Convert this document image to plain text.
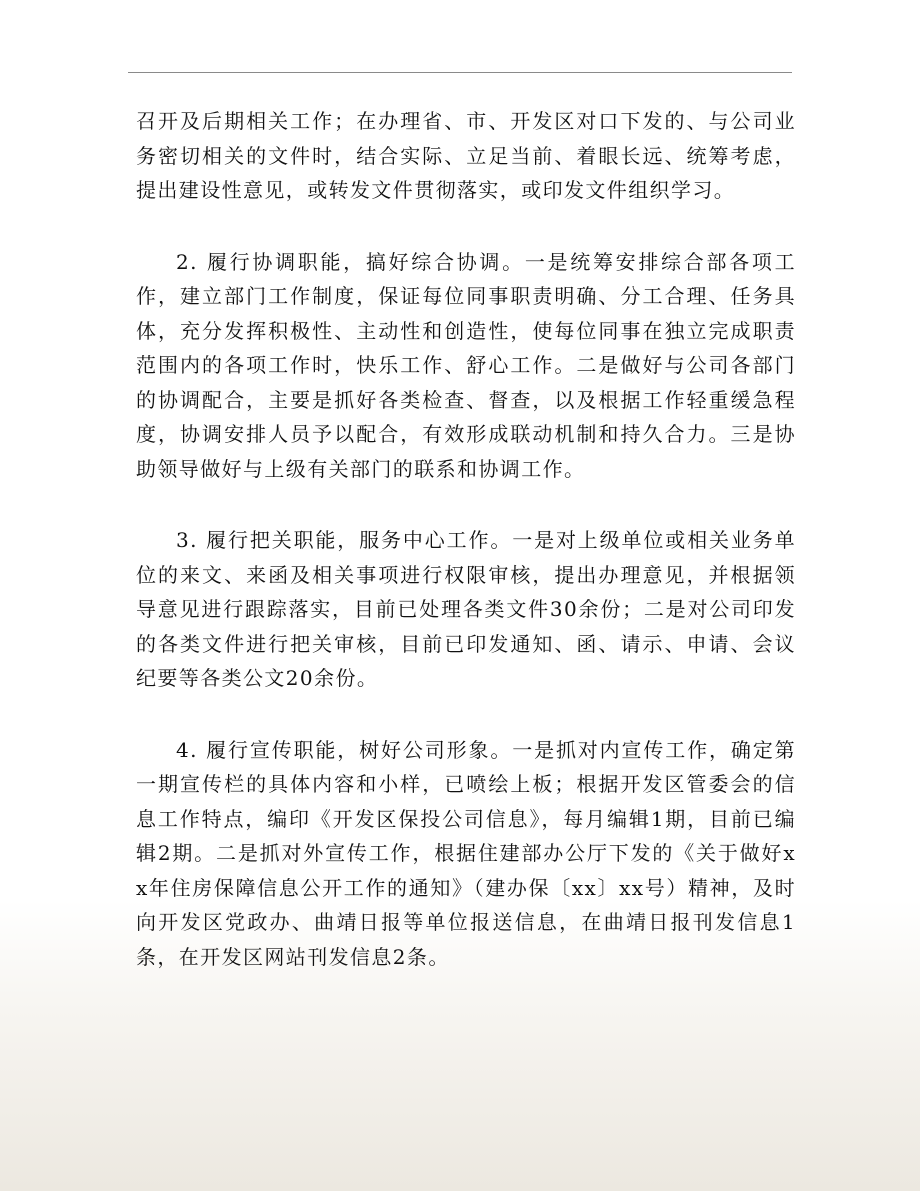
召开及后期相关工作；在办理省、市、开发区对口下发的、与公司业务密切相关的文件时，结合实际、立足当前、着眼长远、统筹考虑，提出建设性意见，或转发文件贯彻落实，或印发文件组织学习。

2. 履行协调职能，搞好综合协调。一是统筹安排综合部各项工作，建立部门工作制度，保证每位同事职责明确、分工合理、任务具体，充分发挥积极性、主动性和创造性，使每位同事在独立完成职责范围内的各项工作时，快乐工作、舒心工作。二是做好与公司各部门的协调配合，主要是抓好各类检查、督查，以及根据工作轻重缓急程度，协调安排人员予以配合，有效形成联动机制和持久合力。三是协助领导做好与上级有关部门的联系和协调工作。

3. 履行把关职能，服务中心工作。一是对上级单位或相关业务单位的来文、来函及相关事项进行权限审核，提出办理意见，并根据领导意见进行跟踪落实，目前已处理各类文件30余份；二是对公司印发的各类文件进行把关审核，目前已印发通知、函、请示、申请、会议纪要等各类公文20余份。

4. 履行宣传职能，树好公司形象。一是抓对内宣传工作，确定第一期宣传栏的具体内容和小样，已喷绘上板；根据开发区管委会的信息工作特点，编印《开发区保投公司信息》，每月编辑1期，目前已编辑2期。二是抓对外宣传工作，根据住建部办公厅下发的《关于做好xx年住房保障信息公开工作的通知》（建办保〔xx〕xx号）精神，及时向开发区党政办、曲靖日报等单位报送信息，在曲靖日报刊发信息1条，在开发区网站刊发信息2条。
